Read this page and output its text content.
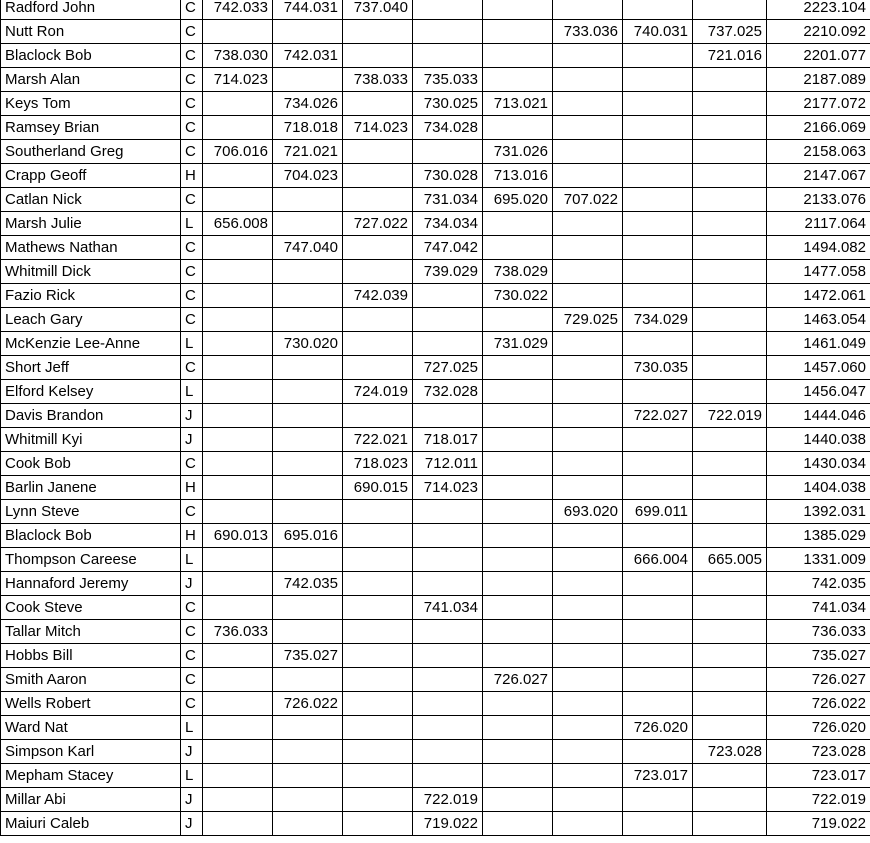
Radford John	C	742.033	744.031	737.040						2223.104
Nutt Ron	C						733.036	740.031	737.025	2210.092
Blaclock Bob	C	738.030	742.031						721.016	2201.077
Marsh Alan	C	714.023		738.033	735.033					2187.089
Keys Tom	C		734.026		730.025	713.021				2177.072
Ramsey Brian	C		718.018	714.023	734.028					2166.069
Southerland Greg	C	706.016	721.021			731.026				2158.063
Crapp Geoff	H		704.023		730.028	713.016				2147.067
Catlan Nick	C				731.034	695.020	707.022			2133.076
Marsh Julie	L	656.008		727.022	734.034					2117.064
Mathews Nathan	C		747.040		747.042					1494.082
Whitmill Dick	C				739.029	738.029				1477.058
Fazio Rick	C			742.039		730.022				1472.061
Leach Gary	C						729.025	734.029		1463.054
McKenzie Lee-Anne	L		730.020			731.029				1461.049
Short Jeff	C				727.025			730.035		1457.060
Elford Kelsey	L			724.019	732.028					1456.047
Davis Brandon	J							722.027	722.019	1444.046
Whitmill Kyi	J			722.021	718.017					1440.038
Cook Bob	C			718.023	712.011					1430.034
Barlin Janene	H			690.015	714.023					1404.038
Lynn Steve	C						693.020	699.011		1392.031
Blaclock Bob	H	690.013	695.016							1385.029
Thompson Careese	L							666.004	665.005	1331.009
Hannaford Jeremy	J		742.035							742.035
Cook Steve	C				741.034					741.034
Tallar Mitch	C	736.033								736.033
Hobbs Bill	C		735.027							735.027
Smith Aaron	C					726.027				726.027
Wells Robert	C		726.022							726.022
Ward Nat	L							726.020		726.020
Simpson Karl	J								723.028	723.028
Mepham Stacey	L							723.017		723.017
Millar Abi	J				722.019					722.019
Maiuri Caleb	J				719.022					719.022
